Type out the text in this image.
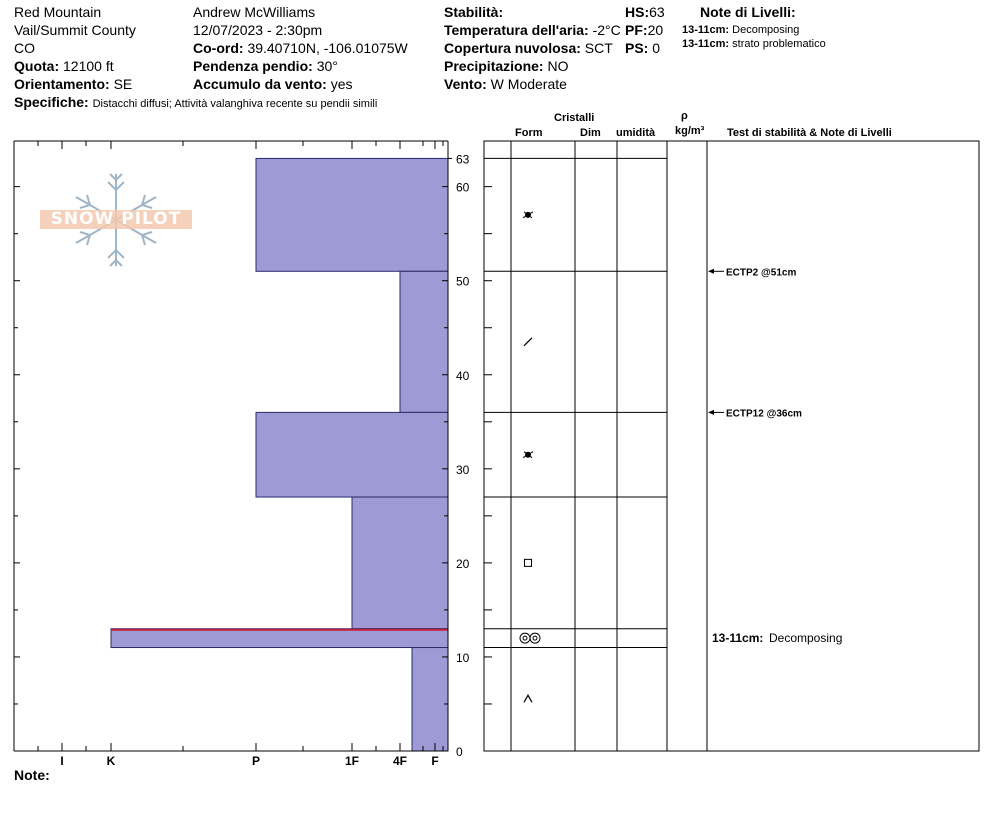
Red Mountain
Vail/Summit County
CO
Quota: 12100 ft
Orientamento: SE
Specifiche: Distacchi diffusi; Attività valanghiva recente su pendii simili
Andrew McWilliams
12/07/2023 - 2:30pm
Co-ord: 39.40710N, -106.01075W
Pendenza pendio: 30°
Accumulo da vento: yes
Stabilità:
Temperatura dell'aria: -2°C
Copertura nuvolosa: SCT
Precipitazione: NO
Vento: W Moderate
HS:63
PF:20
PS: 0
Note di Livelli:
13-11cm: Decomposing
13-11cm: strato problematico
Cristalli
Form	Dim umidità
ρ
kg/m³ Test di stabilità & Note di Livelli
SNOW PILOT
0
10
20
30
40
50
60
63
I	K	P	1F	4F F
ECTP2 @51cm
ECTP12 @36cm
13-11cm: Decomposing
Note:
